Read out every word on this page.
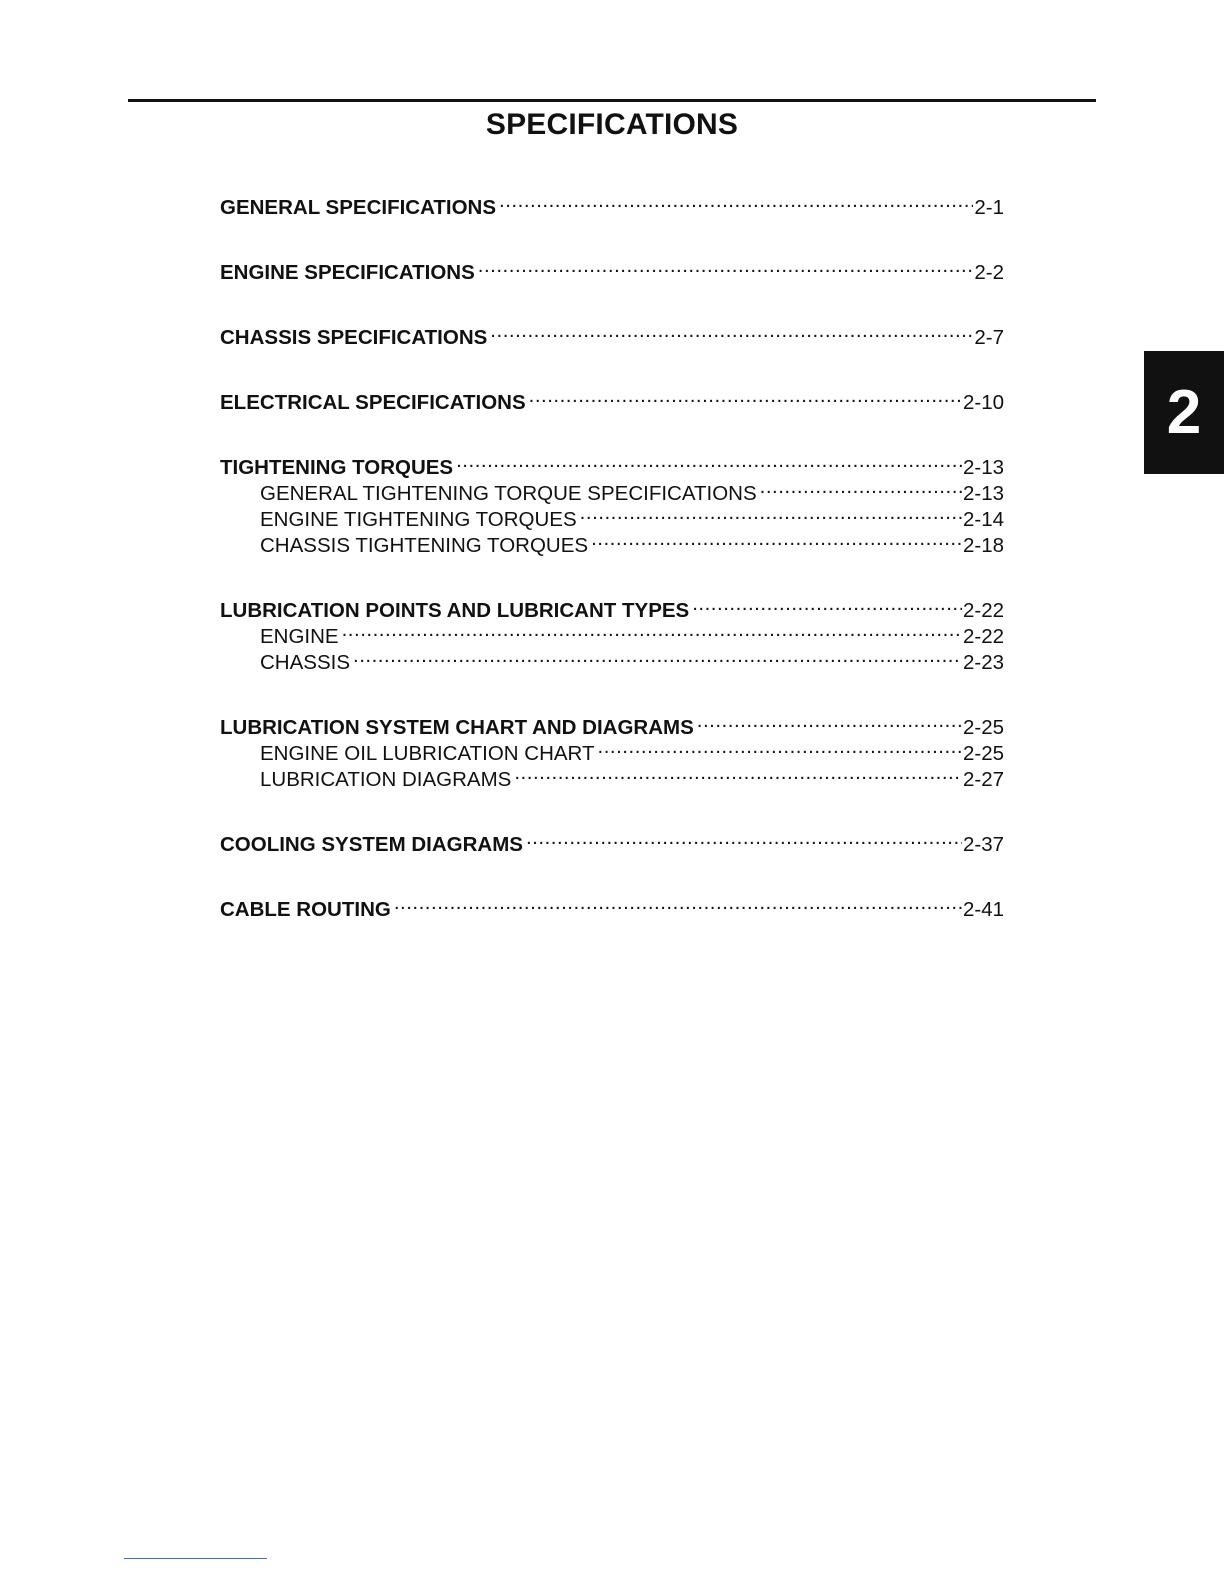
SPECIFICATIONS
GENERAL SPECIFICATIONS .....	2-1
ENGINE SPECIFICATIONS .....	2-2
CHASSIS SPECIFICATIONS .....	2-7
ELECTRICAL SPECIFICATIONS .....	2-10
TIGHTENING TORQUES .....	2-13
GENERAL TIGHTENING TORQUE SPECIFICATIONS .....	2-13
ENGINE TIGHTENING TORQUES .....	2-14
CHASSIS TIGHTENING TORQUES .....	2-18
LUBRICATION POINTS AND LUBRICANT TYPES .....	2-22
ENGINE .....	2-22
CHASSIS .....	2-23
LUBRICATION SYSTEM CHART AND DIAGRAMS .....	2-25
ENGINE OIL LUBRICATION CHART .....	2-25
LUBRICATION DIAGRAMS .....	2-27
COOLING SYSTEM DIAGRAMS .....	2-37
CABLE ROUTING .....	2-41
2
